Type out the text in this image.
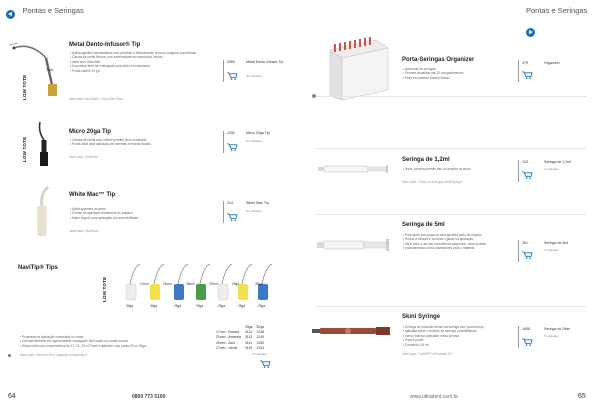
$^{Pontas e Seringas}$
LOW TOTE
Tape
Metal Dento-Infusor® Tip
• Aplica agentes hemostáticos com precisão e efetivamente remove coágulos superficiais
• Cánula de metal flexível com extremidade em escova de cerdas
• Ideal com ViscoStat
• A ponteira deve ser esfregada para obter a hemostasia
• Ponta calibre 19 ga
Ideal para ViscoStat e ViscoStat Clear
2569	Metal Dento-Infusor Tip
20 unidades
LOW TOTE
Micro 20ga Tip
• Cánula de metal com orifício permite fluxo constante
• Ponta ideal para aplicação de ionemas e resinas fluidas
Ideal para: UltraEtch
1252	Micro 20ga Tip
20 unidades
White Mac™ Tip
• Aplica grandes volumes
• Pontas de aplicação totalmente de plástico
• Maior ângulo para aplicação em área facilitada
Ideal para: OpalDam
314	White Mac Tip
20 unidades
NaviTip® Tips
LOW TOTE	17mm	21mm	25mm	27mm	29ga	30ga
30ga	30ga	29ga	29ga	29ga	29ga	29ga
• Projetada na aplicação controlada no canal
• Cánulas flexíveis em aga maleable navegação fácil sobre os canais curvos
• Disponíveis nas comprimentos de 17, 21, 25 e 27mm e diâmetro com ponta 29 ou 30ga
Ideal para: UltraCal XS e irrigação endodôntica
	29ga	30ga
17mm - Branca	3112	1248
21mm - Amarela	3113	1249
25mm - Azul	3114	1250
27mm - Verde	3115	1254
5 unidades
64	0800 773 5100
$^{Pontas e Seringas}$
Porta-Seringas Organizer
• Acomoda 30 seringas
• Permite visualizar até 13 compartimentos
• Feito em plástico branco leitoso
379	Organizer
Seringa de 1,2ml
• Nova, precisa permite sair ou acoplar os selos
Ideal para: Todos os seringas MultiSyringe
124	Seringa de 1,2ml
4 unidades
Seringa de 5ml
• Para fazer sua carga na seringa ativa perio do espaço
• Reduz a mistura e controla o gasto na aplicação
• Ideal para o uso em consultórios pequenos, muito prática
• procedimentos como clareadores para o material
361	Seringa de 5ml
4 unidades
Skini Syringe
• Seringa de precisão dentro da seringa com pouca força
• aplicada sobre o êmbolo da seringa, possibilitando
• menor esforço aplicador mesa precisa
• Para a ponta
• Conteúdo 0,5 ml
Ideal para: TrialMFP e Permaflo DC
1658	Seringa do Skini
5 unidades
www.ultradent.com.br	65
